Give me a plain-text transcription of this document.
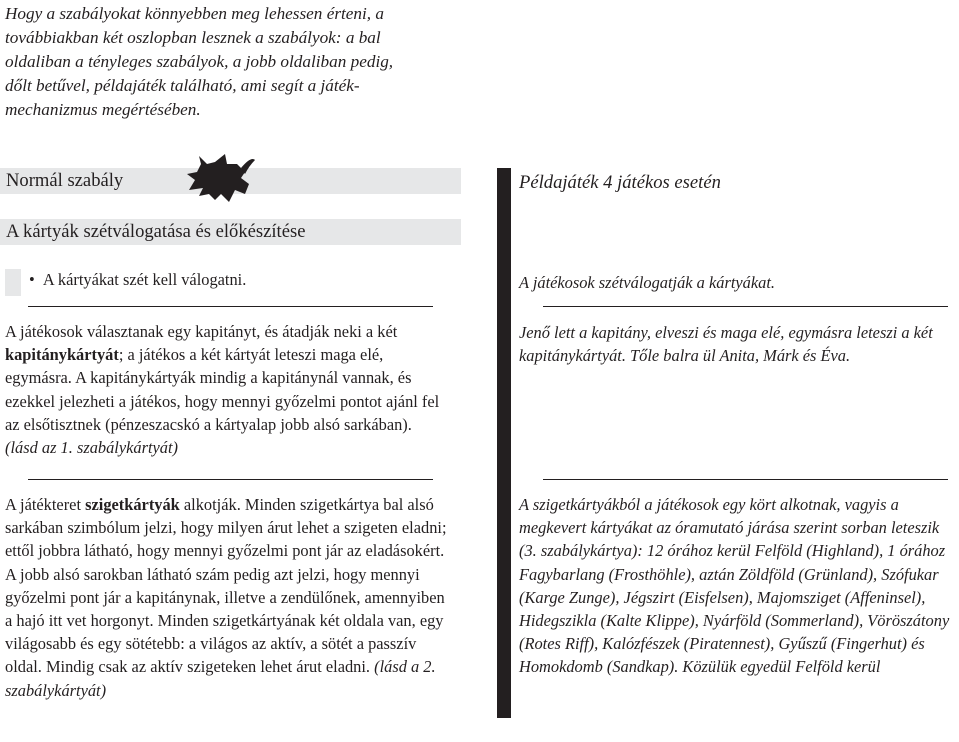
Hogy a szabályokat könnyebben meg lehessen érteni, a
továbbiakban két oszlopban lesznek a szabályok: a bal
oldaliban a tényleges szabályok, a jobb oldaliban pedig,
dőlt betűvel, példajáték található, ami segít a játék-
mechanizmus megértésében.
Normál szabály
A kártyák szétválogatása és előkészítése
Példajáték 4 játékos esetén
• A kártyákat szét kell válogatni.
A játékosok választanak egy kapitányt, és átadják neki a két kapitánykártyát; a játékos a két kártyát leteszi maga elé, egymásra. A kapitánykártyák mindig a kapitánynál vannak, és ezekkel jelezheti a játékos, hogy mennyi győzelmi pontot ajánl fel az elsőtisztnek (pénzeszacskó a kártyalap jobb alsó sarkában). (lásd az 1. szabálykártyát)
A játékteret szigetkártyák alkotják. Minden szigetkártya bal alsó sarkában szimbólum jelzi, hogy milyen árut lehet a szigeten eladni; ettől jobbra látható, hogy mennyi győzelmi pont jár az eladásokért. A jobb alsó sarokban látható szám pedig azt jelzi, hogy mennyi győzelmi pont jár a kapitánynak, illetve a zendülőnek, amennyiben a hajó itt vet horgonyt. Minden szigetkártyának két oldala van, egy világosabb és egy sötétebb: a világos az aktív, a sötét a passzív oldal. Mindig csak az aktív szigeteken lehet árut eladni. (lásd a 2. szabálykártyát)
A játékosok szétválogatják a kártyákat.
Jenő lett a kapitány, elveszi és maga elé, egymásra leteszi a két kapitánykártyát. Tőle balra ül Anita, Márk és Éva.
A szigetkártyákból a játékosok egy kört alkotnak, vagyis a megkevert kártyákat az óramutató járása szerint sorban leteszik (3. szabálykártya): 12 órához kerül Felföld (Highland), 1 órához Fagybarlang (Frosthöhle), aztán Zöldföld (Grünland), Szófukar (Karge Zunge), Jégszirt (Eisfelsen), Majomsziget (Affeninsel), Hidegszikla (Kalte Klippe), Nyárföld (Sommerland), Vöröszátony (Rotes Riff), Kalózfészek (Piratennest), Gyűszű (Fingerhut) és Homokdomb (Sandkap). Közülük egyedül Felföld kerül
